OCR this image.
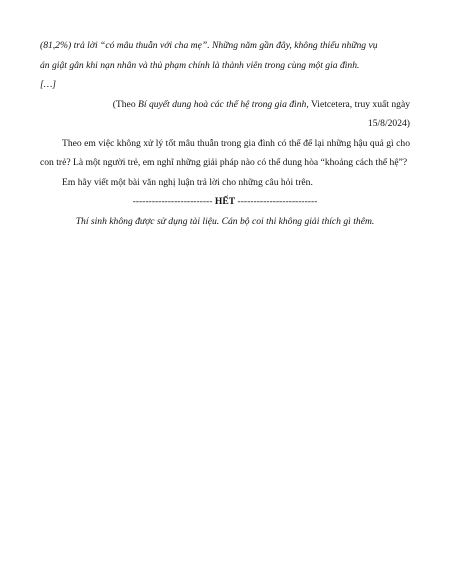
(81,2%) trả lời “có mâu thuẫn với cha mẹ”. Những năm gần đây, không thiếu những vụ

án giật gân khi nạn nhân và thủ phạm chính là thành viên trong cùng một gia đình.

[…]

(Theo Bí quyết dung hoà các thế hệ trong gia đình, Vietcetera, truy xuất ngày
15/8/2024)

Theo em việc không xử lý tốt mâu thuẫn trong gia đình có thể để lại những hậu quả gì cho con trẻ? Là một người trẻ, em nghĩ những giải pháp nào có thể dung hòa “khoảng cách thế hệ”?

Em hãy viết một bài văn nghị luận trả lời cho những câu hỏi trên.

------------------------- HẾT -------------------------

Thí sinh không được sử dụng tài liệu. Cán bộ coi thi không giải thích gì thêm.
